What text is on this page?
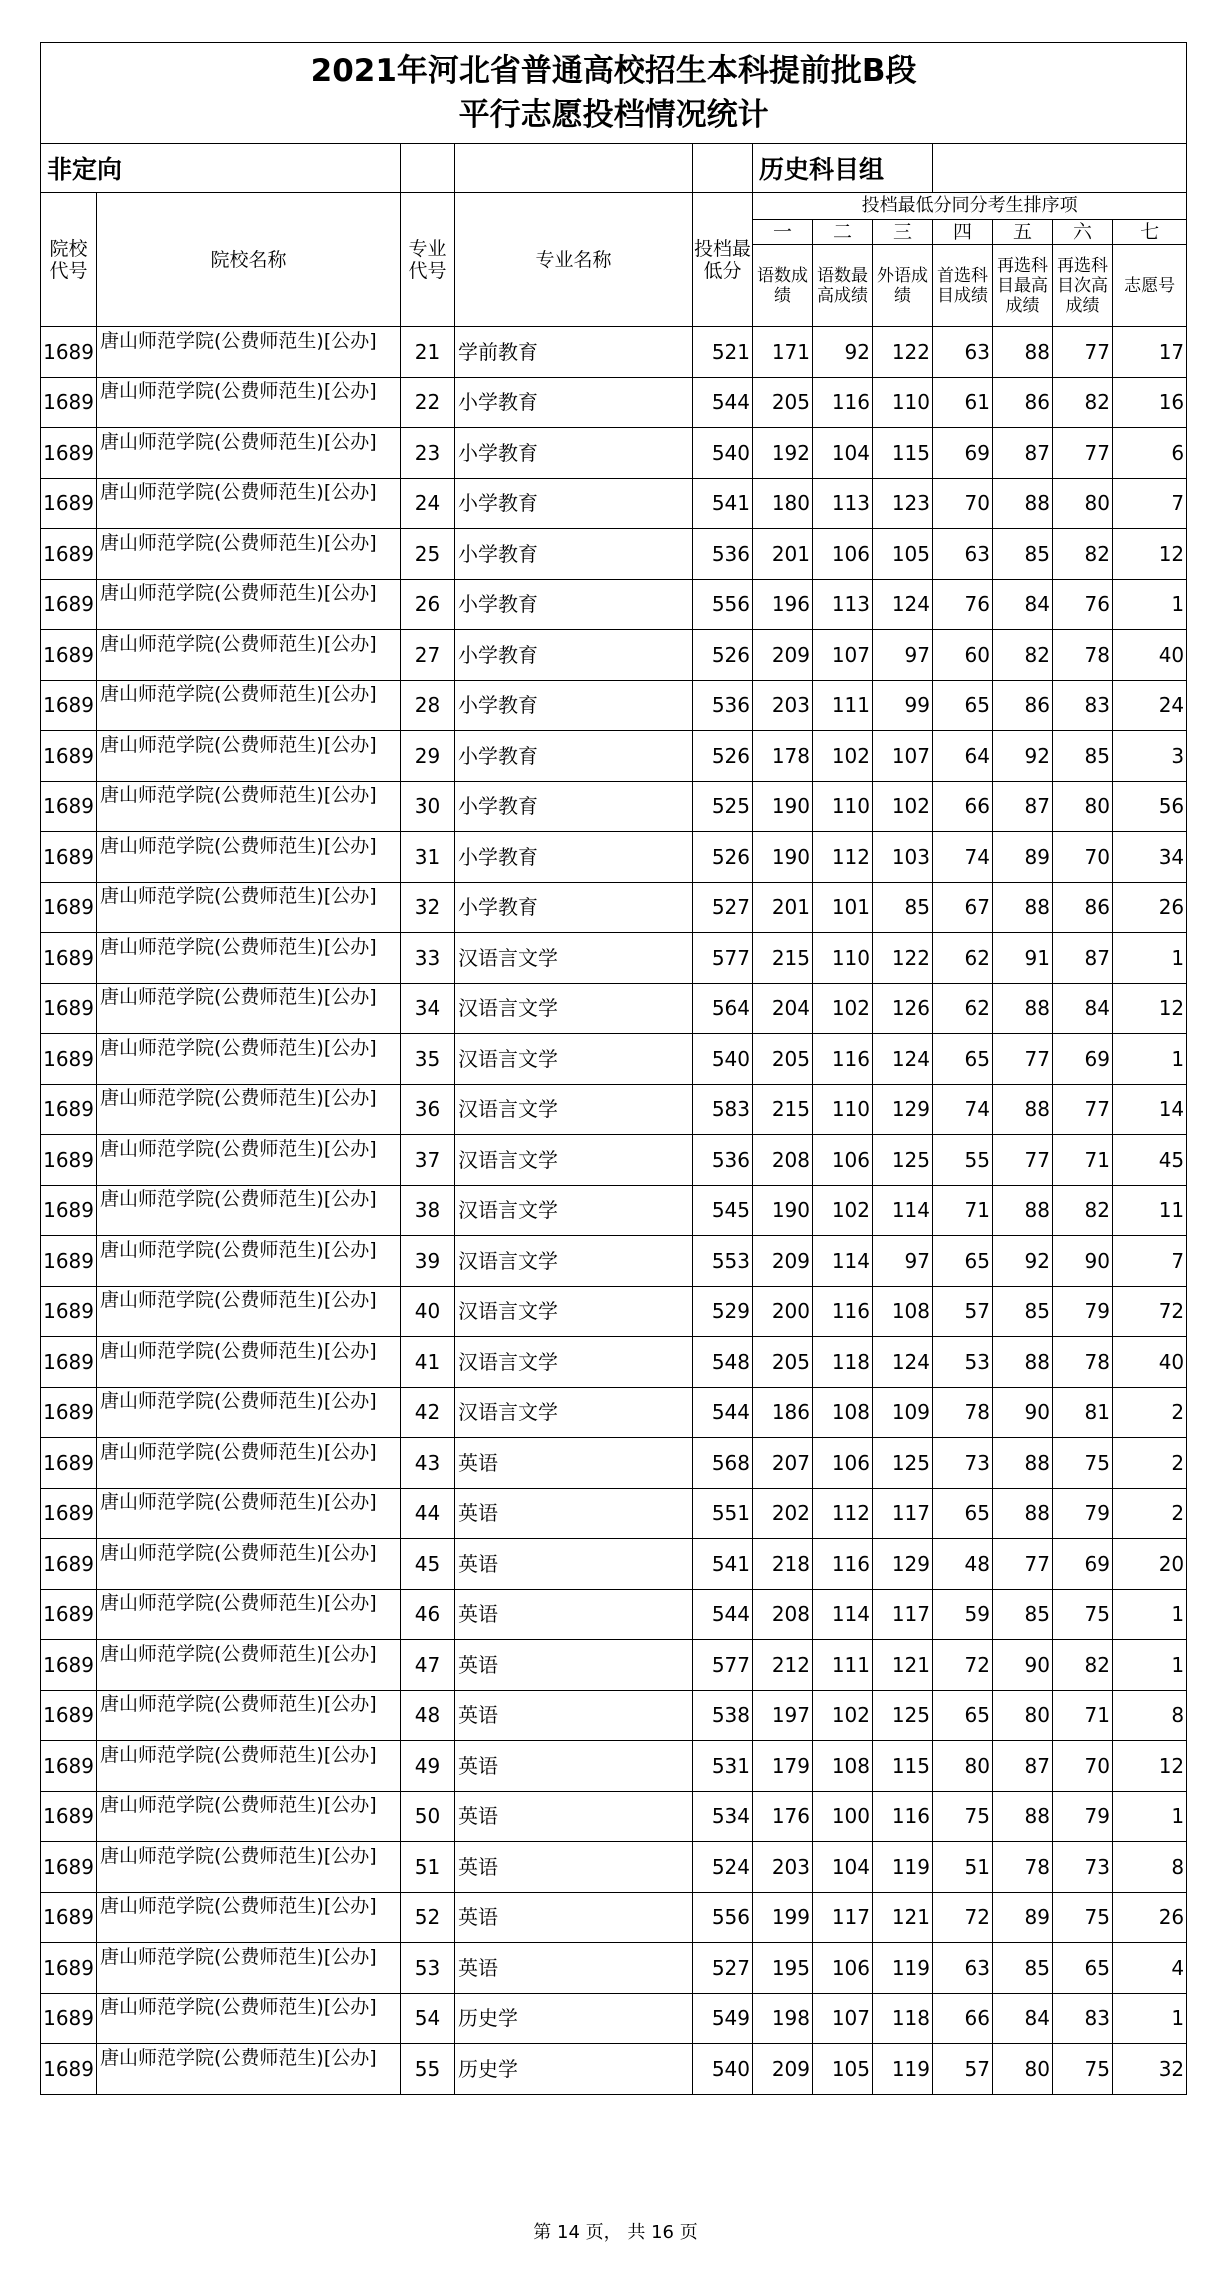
2021年河北省普通高校招生本科提前批B段
平行志愿投档情况统计											

非定向					历史科目组						
院校代号	院校名称	专业代号	专业名称	投档最低分	投档最低分同分考生排序项						
					一	二	三	四	五	六	七
					语数成绩	语数最高成绩	外语成绩	首选科目成绩	再选科目最高成绩	再选科目次高成绩	志愿号
1689	唐山师范学院(公费师范生)[公办]	21	学前教育	521	171	92	122	63	88	77	17
1689	唐山师范学院(公费师范生)[公办]	22	小学教育	544	205	116	110	61	86	82	16
1689	唐山师范学院(公费师范生)[公办]	23	小学教育	540	192	104	115	69	87	77	6
1689	唐山师范学院(公费师范生)[公办]	24	小学教育	541	180	113	123	70	88	80	7
1689	唐山师范学院(公费师范生)[公办]	25	小学教育	536	201	106	105	63	85	82	12
1689	唐山师范学院(公费师范生)[公办]	26	小学教育	556	196	113	124	76	84	76	1
1689	唐山师范学院(公费师范生)[公办]	27	小学教育	526	209	107	97	60	82	78	40
1689	唐山师范学院(公费师范生)[公办]	28	小学教育	536	203	111	99	65	86	83	24
1689	唐山师范学院(公费师范生)[公办]	29	小学教育	526	178	102	107	64	92	85	3
1689	唐山师范学院(公费师范生)[公办]	30	小学教育	525	190	110	102	66	87	80	56
1689	唐山师范学院(公费师范生)[公办]	31	小学教育	526	190	112	103	74	89	70	34
1689	唐山师范学院(公费师范生)[公办]	32	小学教育	527	201	101	85	67	88	86	26
1689	唐山师范学院(公费师范生)[公办]	33	汉语言文学	577	215	110	122	62	91	87	1
1689	唐山师范学院(公费师范生)[公办]	34	汉语言文学	564	204	102	126	62	88	84	12
1689	唐山师范学院(公费师范生)[公办]	35	汉语言文学	540	205	116	124	65	77	69	1
1689	唐山师范学院(公费师范生)[公办]	36	汉语言文学	583	215	110	129	74	88	77	14
1689	唐山师范学院(公费师范生)[公办]	37	汉语言文学	536	208	106	125	55	77	71	45
1689	唐山师范学院(公费师范生)[公办]	38	汉语言文学	545	190	102	114	71	88	82	11
1689	唐山师范学院(公费师范生)[公办]	39	汉语言文学	553	209	114	97	65	92	90	7
1689	唐山师范学院(公费师范生)[公办]	40	汉语言文学	529	200	116	108	57	85	79	72
1689	唐山师范学院(公费师范生)[公办]	41	汉语言文学	548	205	118	124	53	88	78	40
1689	唐山师范学院(公费师范生)[公办]	42	汉语言文学	544	186	108	109	78	90	81	2
1689	唐山师范学院(公费师范生)[公办]	43	英语	568	207	106	125	73	88	75	2
1689	唐山师范学院(公费师范生)[公办]	44	英语	551	202	112	117	65	88	79	2
1689	唐山师范学院(公费师范生)[公办]	45	英语	541	218	116	129	48	77	69	20
1689	唐山师范学院(公费师范生)[公办]	46	英语	544	208	114	117	59	85	75	1
1689	唐山师范学院(公费师范生)[公办]	47	英语	577	212	111	121	72	90	82	1
1689	唐山师范学院(公费师范生)[公办]	48	英语	538	197	102	125	65	80	71	8
1689	唐山师范学院(公费师范生)[公办]	49	英语	531	179	108	115	80	87	70	12
1689	唐山师范学院(公费师范生)[公办]	50	英语	534	176	100	116	75	88	79	1
1689	唐山师范学院(公费师范生)[公办]	51	英语	524	203	104	119	51	78	73	8
1689	唐山师范学院(公费师范生)[公办]	52	英语	556	199	117	121	72	89	75	26
1689	唐山师范学院(公费师范生)[公办]	53	英语	527	195	106	119	63	85	65	4
1689	唐山师范学院(公费师范生)[公办]	54	历史学	549	198	107	118	66	84	83	1
1689	唐山师范学院(公费师范生)[公办]	55	历史学	540	209	105	119	57	80	75	32
第 14 页， 共 16 页
